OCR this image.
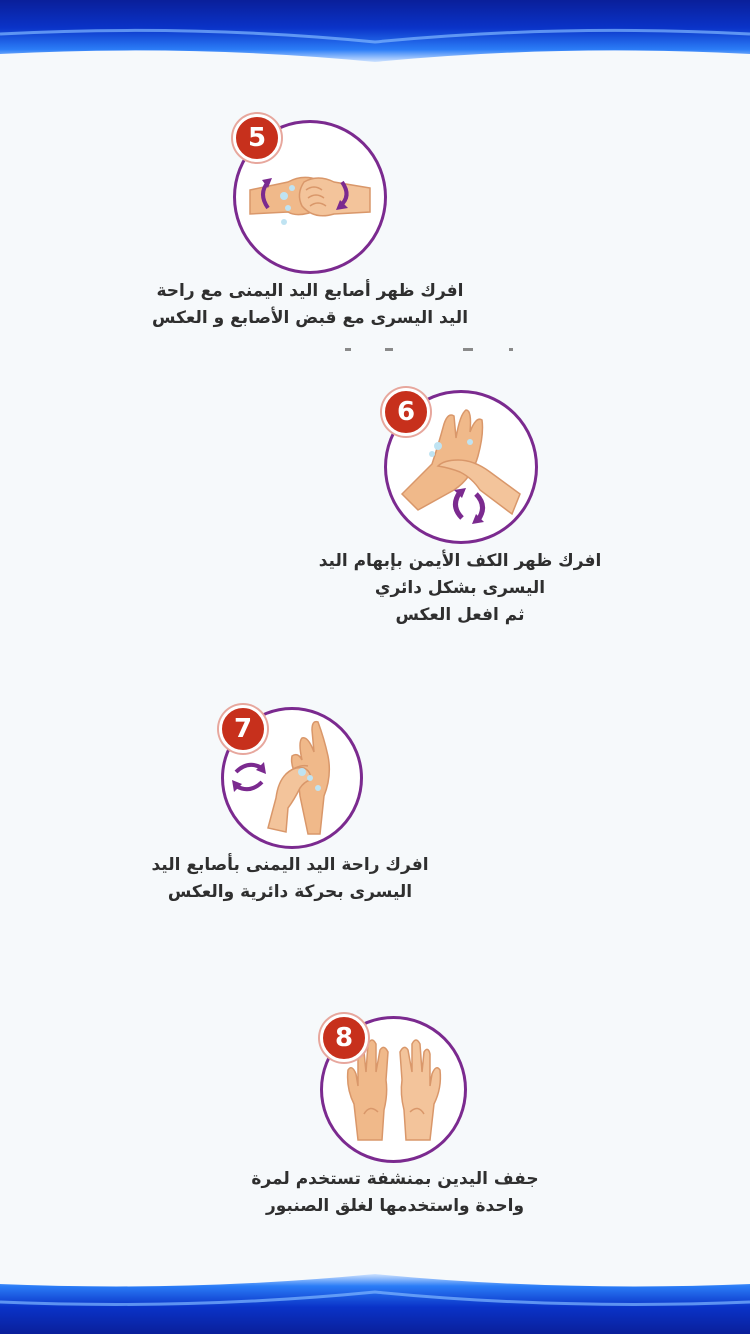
5
افرك ظهر أصابع اليد اليمنى مع راحة
اليد اليسرى مع قبض الأصابع و العكس
6
افرك ظهر الكف الأيمن بإبهام اليد
اليسرى بشكل دائري
ثم افعل العكس
7
افرك راحة اليد اليمنى بأصابع اليد
اليسرى بحركة دائرية والعكس
8
جفف اليدين بمنشفة تستخدم لمرة
واحدة واستخدمها لغلق الصنبور
